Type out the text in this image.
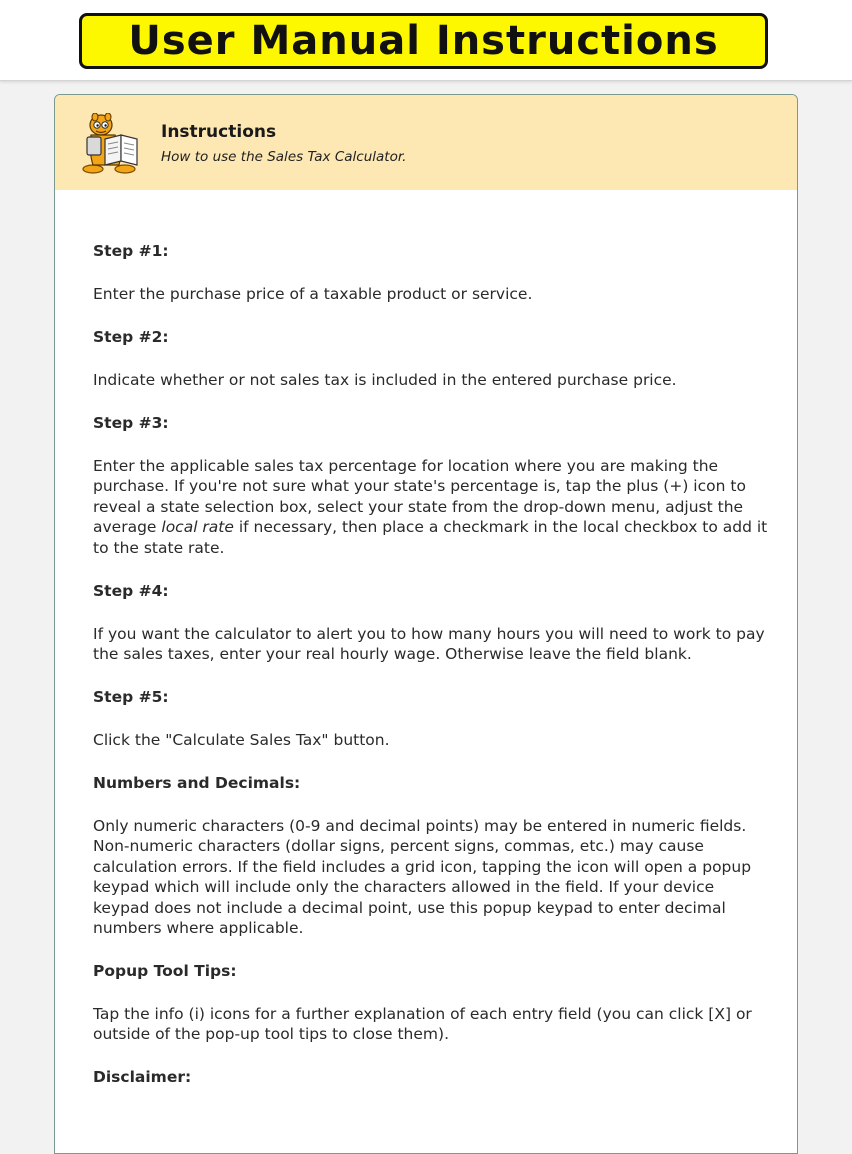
User Manual Instructions
Instructions
How to use the Sales Tax Calculator.
Step #1:
Enter the purchase price of a taxable product or service.
Step #2:
Indicate whether or not sales tax is included in the entered purchase price.
Step #3:
Enter the applicable sales tax percentage for location where you are making the purchase. If you're not sure what your state's percentage is, tap the plus (+) icon to reveal a state selection box, select your state from the drop-down menu, adjust the average local rate if necessary, then place a checkmark in the local checkbox to add it to the state rate.
Step #4:
If you want the calculator to alert you to how many hours you will need to work to pay the sales taxes, enter your real hourly wage. Otherwise leave the field blank.
Step #5:
Click the "Calculate Sales Tax" button.
Numbers and Decimals:
Only numeric characters (0-9 and decimal points) may be entered in numeric fields. Non-numeric characters (dollar signs, percent signs, commas, etc.) may cause calculation errors. If the field includes a grid icon, tapping the icon will open a popup keypad which will include only the characters allowed in the field. If your device keypad does not include a decimal point, use this popup keypad to enter decimal numbers where applicable.
Popup Tool Tips:
Tap the info (i) icons for a further explanation of each entry field (you can click [X] or outside of the pop-up tool tips to close them).
Disclaimer:
